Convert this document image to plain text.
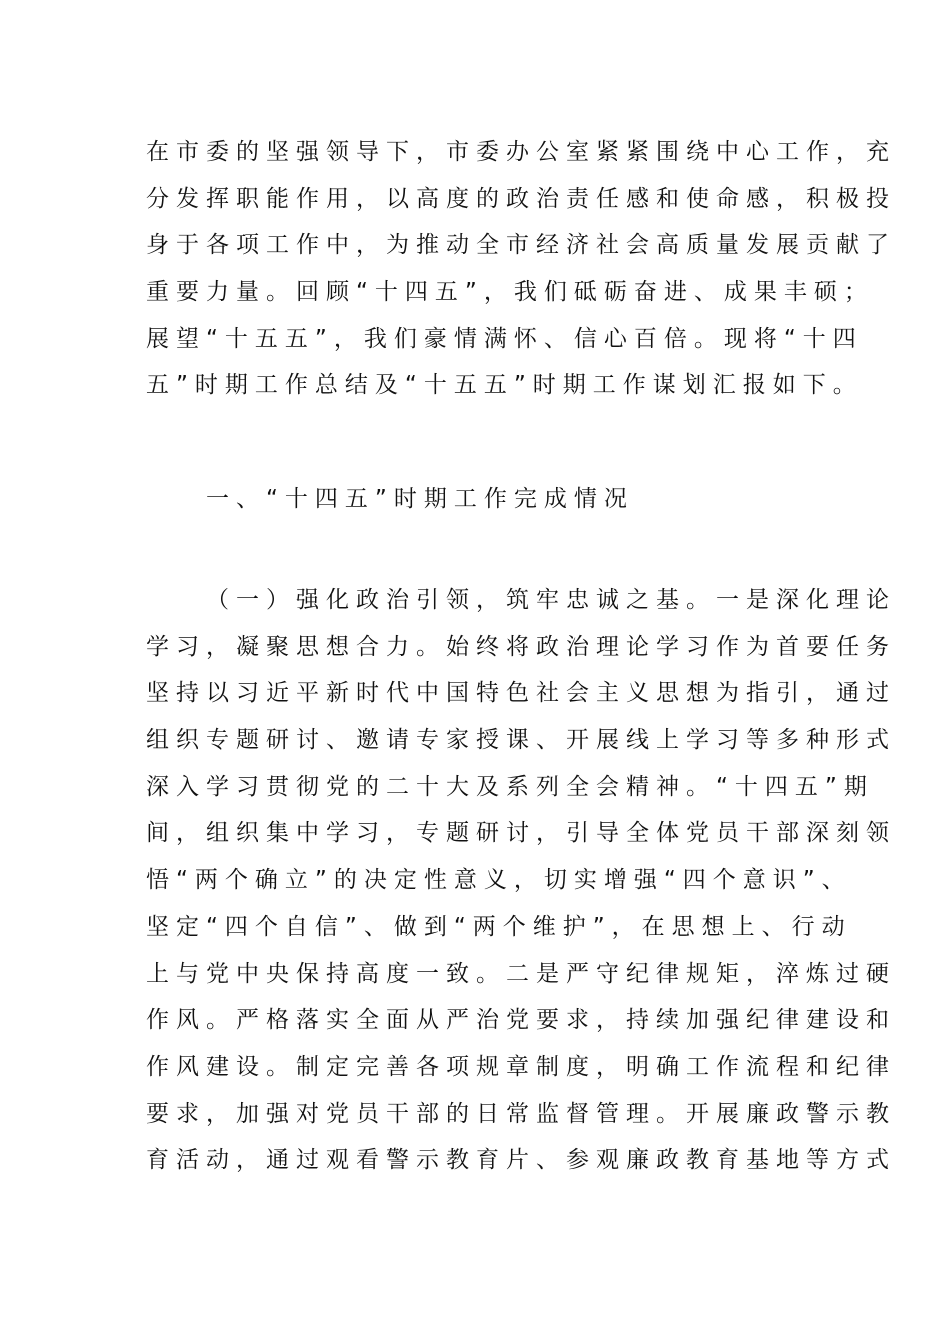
在市委的坚强领导下，市委办公室紧紧围绕中心工作，充
分发挥职能作用，以高度的政治责任感和使命感，积极投
身于各项工作中，为推动全市经济社会高质量发展贡献了
重要力量。回顾“十四五”，我们砥砺奋进、成果丰硕；
展望“十五五”，我们豪情满怀、信心百倍。现将“十四
五”时期工作总结及“十五五”时期工作谋划汇报如下。
一、“十四五”时期工作完成情况
（一）强化政治引领，筑牢忠诚之基。一是深化理论
学习，凝聚思想合力。始终将政治理论学习作为首要任务
坚持以习近平新时代中国特色社会主义思想为指引，通过
组织专题研讨、邀请专家授课、开展线上学习等多种形式
深入学习贯彻党的二十大及系列全会精神。“十四五”期
间，组织集中学习，专题研讨，引导全体党员干部深刻领
悟“两个确立”的决定性意义，切实增强“四个意识”、
坚定“四个自信”、做到“两个维护”，在思想上、行动
上与党中央保持高度一致。二是严守纪律规矩，淬炼过硬
作风。严格落实全面从严治党要求，持续加强纪律建设和
作风建设。制定完善各项规章制度，明确工作流程和纪律
要求，加强对党员干部的日常监督管理。开展廉政警示教
育活动，通过观看警示教育片、参观廉政教育基地等方式
